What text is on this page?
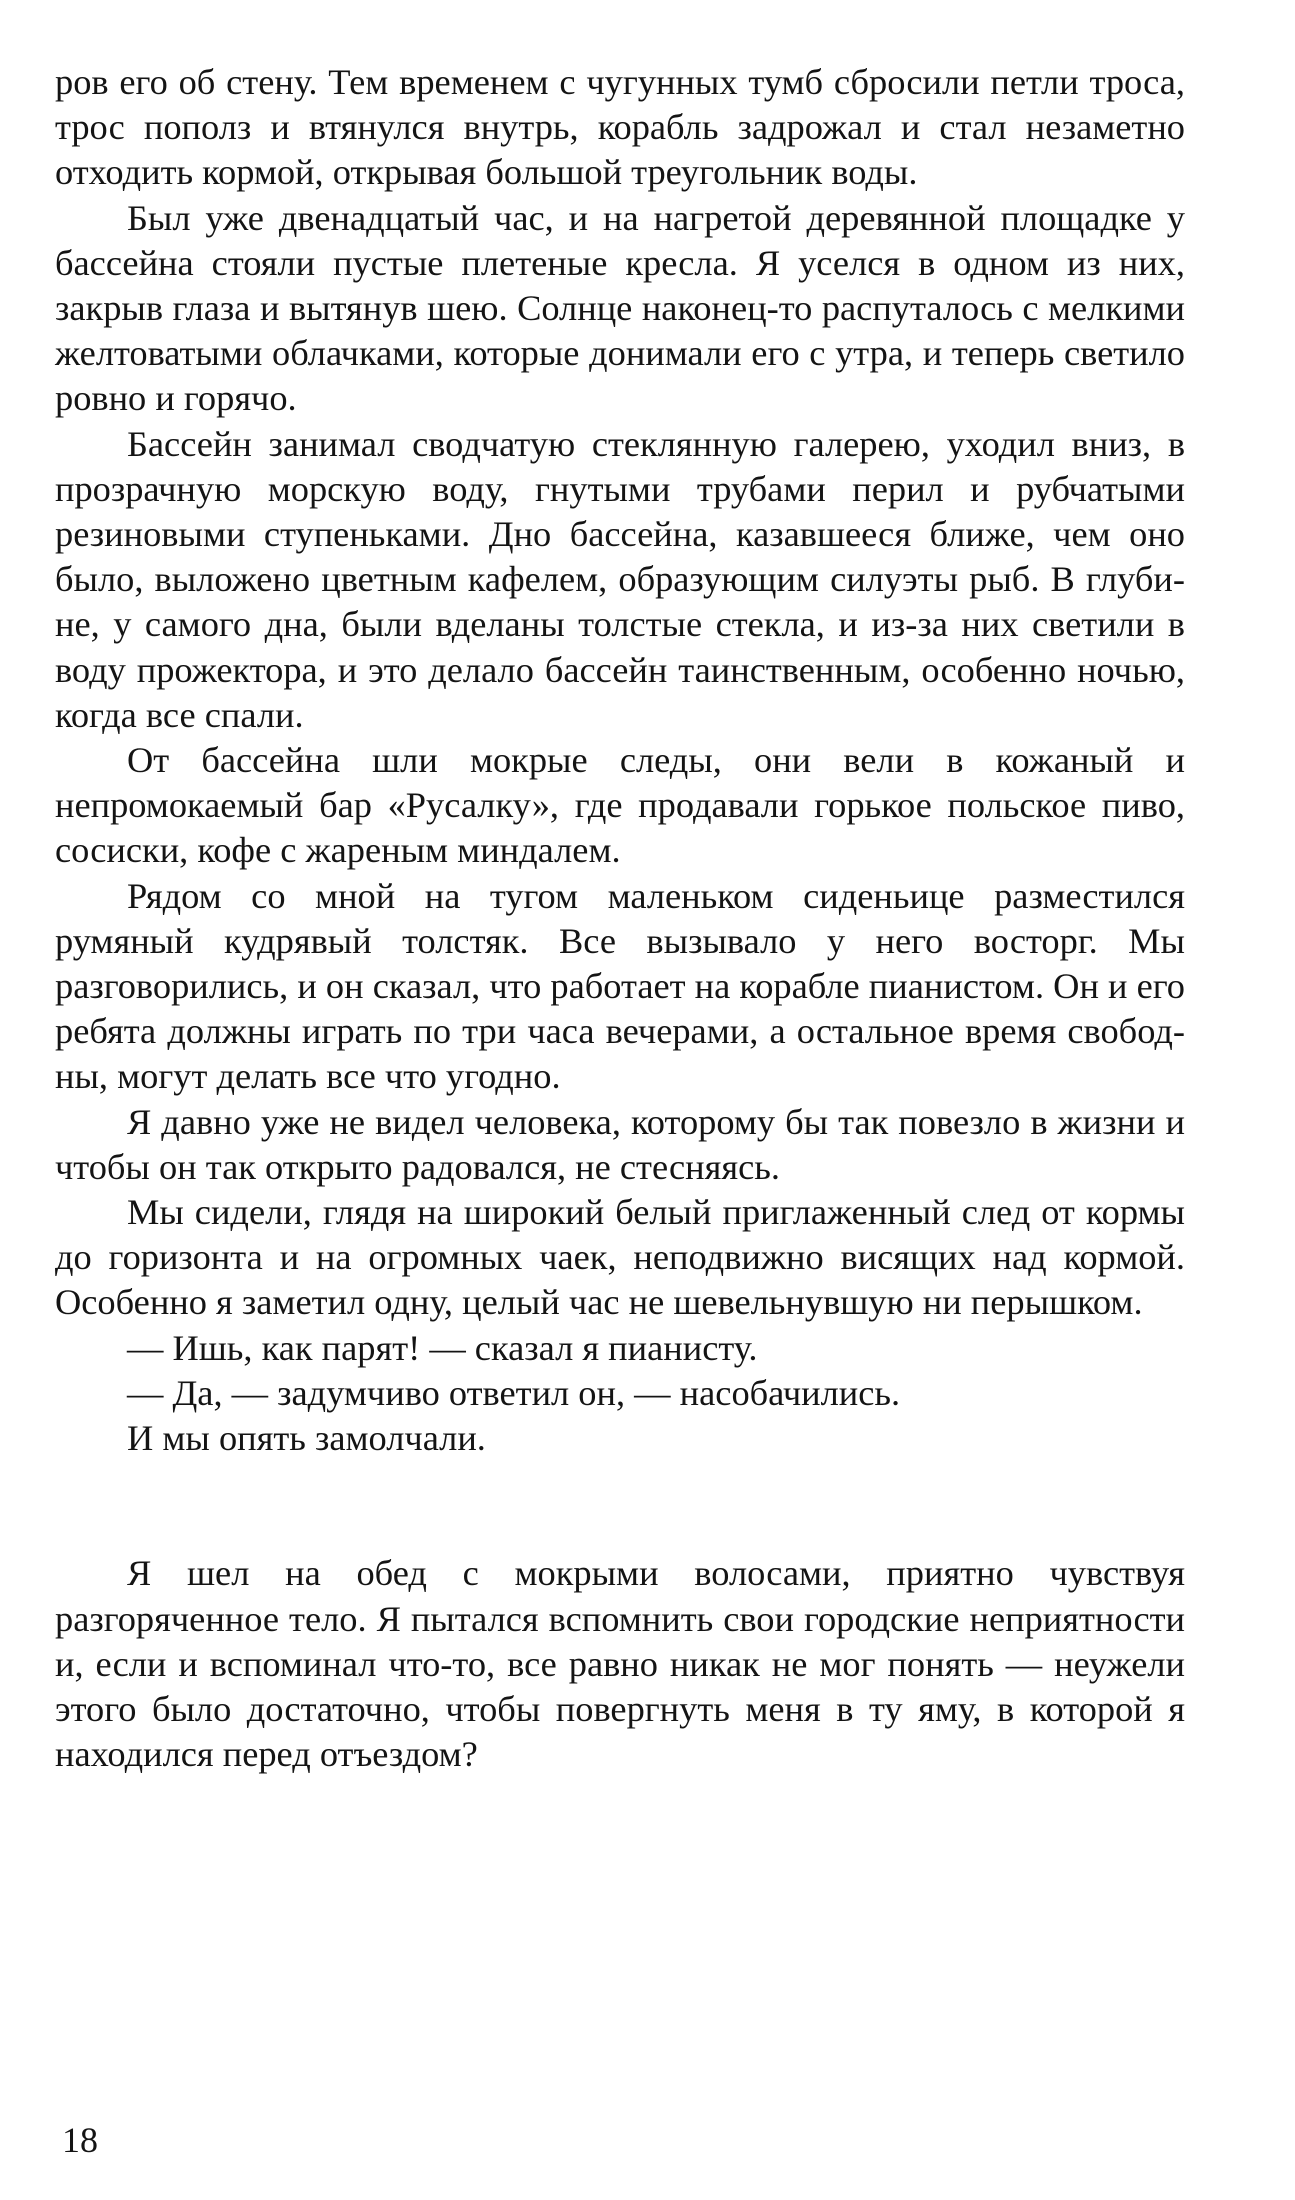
ров его об стену. Тем временем с чугунных тумб сбросили петли троса, трос пополз и втянулся внутрь, корабль задрожал и стал незаметно отходить кормой, открывая большой треугольник воды.

Был уже двенадцатый час, и на нагретой деревянной площадке у бассейна стояли пустые плетеные кресла. Я уселся в одном из них, закрыв глаза и вытянув шею. Солнце наконец-то распуталось с мелкими желтоватыми облачками, которые донимали его с утра, и теперь светило ровно и горячо.

Бассейн занимал сводчатую стеклянную галерею, уходил вниз, в прозрачную морскую воду, гнутыми трубами перил и рубчатыми резиновыми ступеньками. Дно бассейна, казавшееся ближе, чем оно было, выложено цветным кафелем, образующим силуэты рыб. В глубине, у самого дна, были вделаны толстые стекла, и из-за них светили в воду прожектора, и это делало бассейн таинственным, особенно ночью, когда все спали.

От бассейна шли мокрые следы, они вели в кожаный и непромокаемый бар «Русалку», где продавали горькое польское пиво, сосиски, кофе с жареным миндалем.

Рядом со мной на тугом маленьком сиденьице разместился румяный кудрявый толстяк. Все вызывало у него восторг. Мы разговорились, и он сказал, что работает на корабле пианистом. Он и его ребята должны играть по три часа вечерами, а остальное время свободны, могут делать все что угодно.

Я давно уже не видел человека, которому бы так повезло в жизни и чтобы он так открыто радовался, не стесняясь.

Мы сидели, глядя на широкий белый приглаженный след от кормы до горизонта и на огромных чаек, неподвижно висящих над кормой. Особенно я заметил одну, целый час не шевельнувшую ни перышком.

— Ишь, как парят! — сказал я пианисту.

— Да, — задумчиво ответил он, — насобачились.

И мы опять замолчали.

Я шел на обед с мокрыми волосами, приятно чувствуя разгоряченное тело. Я пытался вспомнить свои городские неприятности и, если и вспоминал что-то, все равно никак не мог понять — неужели этого было достаточно, чтобы повергнуть меня в ту яму, в которой я находился перед отъездом?

18
